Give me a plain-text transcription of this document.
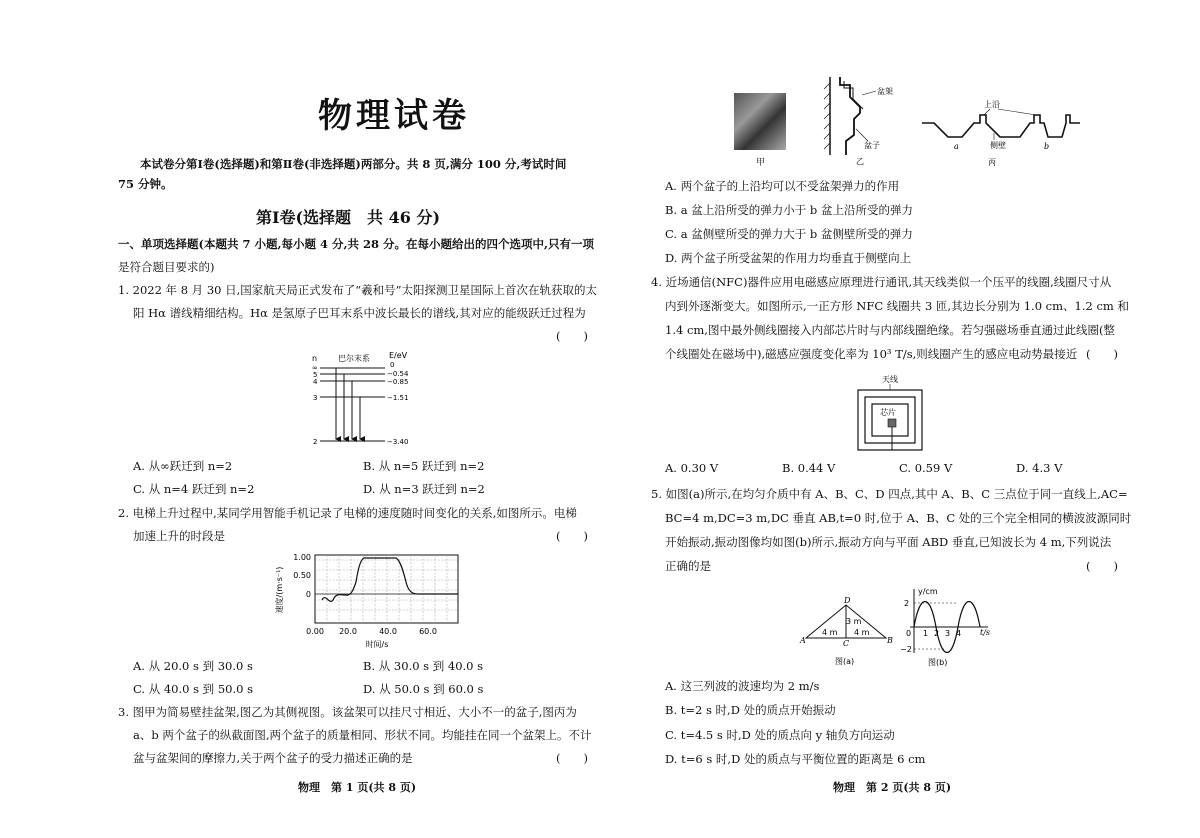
物理试卷
本试卷分第Ⅰ卷(选择题)和第Ⅱ卷(非选择题)两部分。共 8 页,满分 100 分,考试时间
75 分钟。
第Ⅰ卷(选择题　共 46 分)
一、单项选择题(本题共 7 小题,每小题 4 分,共 28 分。在每小题给出的四个选项中,只有一项
是符合题目要求的)
1. 2022 年 8 月 30 日,国家航天局正式发布了“羲和号”太阳探测卫星国际上首次在轨获取的太
阳 Hα 谱线精细结构。Hα 是氢原子巴耳末系中波长最长的谱线,其对应的能级跃迁过程为
(　　)
n	巴尔末系 E/eV
∞
5
4
3
2
0
−0.54
−0.85
−1.51
−3.40
A. 从∞跃迁到 n=2	B. 从 n=5 跃迁到 n=2
C. 从 n=4 跃迁到 n=2	D. 从 n=3 跃迁到 n=2
2. 电梯上升过程中,某同学用智能手机记录了电梯的速度随时间变化的关系,如图所示。电梯
加速上升的时段是	(　　)
1.00
0.50
0
0.00 20.0	40.0	60.0
时间/s
速度/(m·s⁻¹)
A. 从 20.0 s 到 30.0 s	B. 从 30.0 s 到 40.0 s
C. 从 40.0 s 到 50.0 s	D. 从 50.0 s 到 60.0 s
3. 图甲为简易壁挂盆架,图乙为其侧视图。该盆架可以挂尺寸相近、大小不一的盆子,图丙为
a、b 两个盆子的纵截面图,两个盆子的质量相同、形状不同。均能挂在同一个盆架上。不计
盆与盆架间的摩擦力,关于两个盆子的受力描述正确的是	(　　)
物理　第 1 页(共 8 页)
甲
盆架
盆子
乙
上沿
侧壁
a	b
丙
A. 两个盆子的上沿均可以不受盆架弹力的作用
B. a 盆上沿所受的弹力小于 b 盆上沿所受的弹力
C. a 盆侧壁所受的弹力大于 b 盆侧壁所受的弹力
D. 两个盆子所受盆架的作用力均垂直于侧壁向上
4. 近场通信(NFC)器件应用电磁感应原理进行通讯,其天线类似一个压平的线圈,线圈尺寸从
内到外逐渐变大。如图所示,一正方形 NFC 线圈共 3 匝,其边长分别为 1.0 cm、1.2 cm 和
1.4 cm,图中最外侧线圈接入内部芯片时与内部线圈绝缘。若匀强磁场垂直通过此线圈(整
个线圈处在磁场中),磁感应强度变化率为 10³ T/s,则线圈产生的感应电动势最接近 (　　)
天线
芯片
A. 0.30 V	B. 0.44 V	C. 0.59 V	D. 4.3 V
5. 如图(a)所示,在均匀介质中有 A、B、C、D 四点,其中 A、B、C 三点位于同一直线上,AC=
BC=4 m,DC=3 m,DC 垂直 AB,t=0 时,位于 A、B、C 处的三个完全相同的横波波源同时
开始振动,振动图像均如图(b)所示,振动方向与平面 ABD 垂直,已知波长为 4 m,下列说法
正确的是	(　　)
D
A	C	B
4 m 4 m
3 m
图(a)
y/cm
t/s
2
0
−2
1 2 3 4
图(b)
A. 这三列波的波速均为 2 m/s
B. t=2 s 时,D 处的质点开始振动
C. t=4.5 s 时,D 处的质点向 y 轴负方向运动
D. t=6 s 时,D 处的质点与平衡位置的距离是 6 cm
物理　第 2 页(共 8 页)
